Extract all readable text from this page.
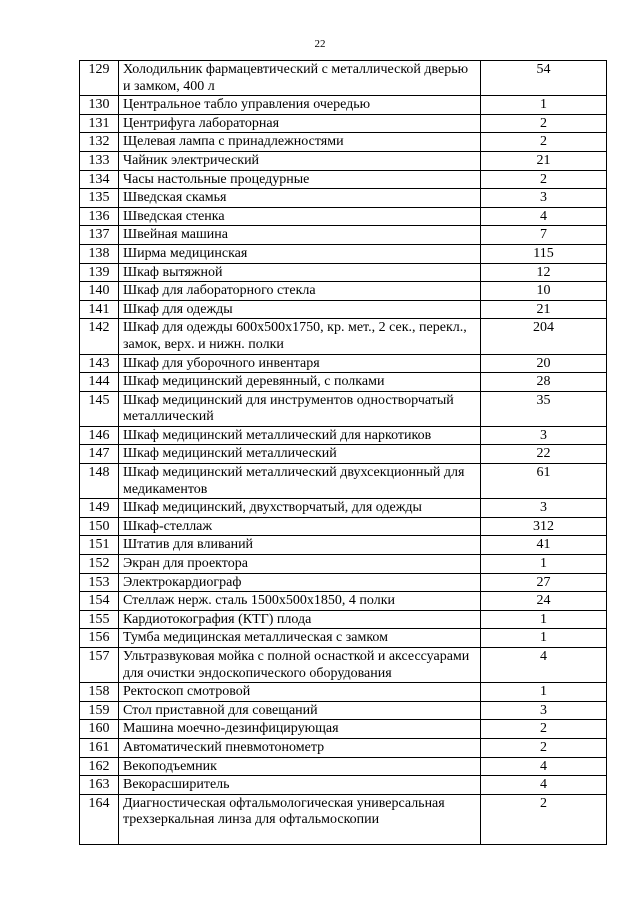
22
129	Холодильник фармацевтический с металлической дверью и замком, 400 л	54
130	Центральное табло управления очередью	1
131	Центрифуга лабораторная	2
132	Щелевая лампа с принадлежностями	2
133	Чайник электрический	21
134	Часы настольные процедурные	2
135	Шведская скамья	3
136	Шведская стенка	4
137	Швейная машина	7
138	Ширма медицинская	115
139	Шкаф вытяжной	12
140	Шкаф для лабораторного стекла	10
141	Шкаф для одежды	21
142	Шкаф для одежды 600х500х1750, кр. мет., 2 сек., перекл., замок, верх. и нижн. полки	204
143	Шкаф для уборочного инвентаря	20
144	Шкаф медицинский деревянный, с полками	28
145	Шкаф медицинский для инструментов одностворчатый металлический	35
146	Шкаф медицинский металлический для наркотиков	3
147	Шкаф медицинский металлический	22
148	Шкаф медицинский металлический двухсекционный для медикаментов	61
149	Шкаф медицинский, двухстворчатый, для одежды	3
150	Шкаф-стеллаж	312
151	Штатив для вливаний	41
152	Экран для проектора	1
153	Электрокардиограф	27
154	Стеллаж нерж. сталь 1500х500х1850, 4 полки	24
155	Кардиотокография (КТГ) плода	1
156	Тумба медицинская металлическая с замком	1
157	Ультразвуковая мойка с полной оснасткой и аксессуарами для очистки эндоскопического оборудования	4
158	Ректоскоп смотровой	1
159	Стол приставной для совещаний	3
160	Машина моечно-дезинфицирующая	2
161	Автоматический пневмотонометр	2
162	Векоподъемник	4
163	Векорасширитель	4
164	Диагностическая офтальмологическая универсальная трехзеркальная линза для офтальмоскопии	2
